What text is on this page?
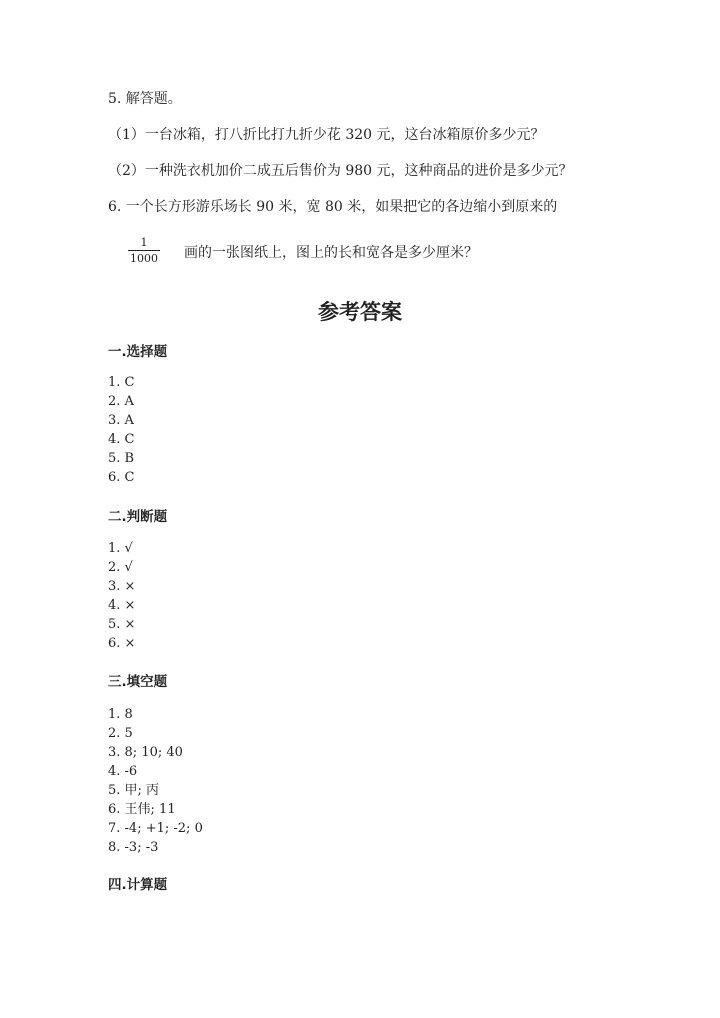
5. 解答题。
（1）一台冰箱，打八折比打九折少花 320 元，这台冰箱原价多少元？
（2）一种洗衣机加价二成五后售价为 980 元，这种商品的进价是多少元？
6. 一个长方形游乐场长 90 米，宽 80 米，如果把它的各边缩小到原来的
$\frac{1}{1000}$ 画的一张图纸上，图上的长和宽各是多少厘米？
参考答案
一.选择题
1. C
2. A
3. A
4. C
5. B
6. C
二.判断题
1. √
2. √
3. ×
4. ×
5. ×
6. ×
三.填空题
1. 8
2. 5
3. 8; 10; 40
4. -6
5. 甲; 丙
6. 王伟; 11
7. -4; +1; -2; 0
8. -3; -3
四.计算题
